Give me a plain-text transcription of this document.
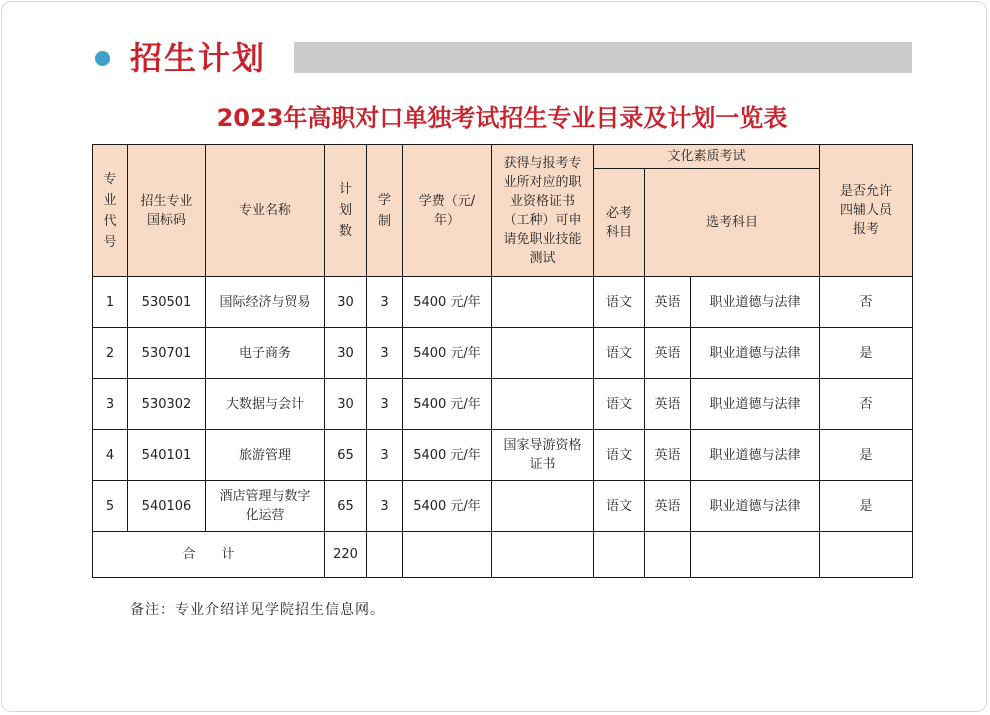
招生计划
2023年高职对口单独考试招生专业目录及计划一览表
专业代号	招生专业国标码	专业名称	计划数	学制	学费（元/年）	获得与报考专业所对应的职业资格证书（工种）可申请免职业技能测试	文化素质考试			是否允许四辅人员报考
							必考科目	选考科目		
1	530501	国际经济与贸易	30	3	5400 元/年		语文	英语	职业道德与法律	否
2	530701	电子商务	30	3	5400 元/年		语文	英语	职业道德与法律	是
3	530302	大数据与会计	30	3	5400 元/年		语文	英语	职业道德与法律	否
4	540101	旅游管理	65	3	5400 元/年	国家导游资格证书	语文	英语	职业道德与法律	是
5	540106	酒店管理与数字化运营	65	3	5400 元/年		语文	英语	职业道德与法律	是
合　　计			220							
备注：专业介绍详见学院招生信息网。
